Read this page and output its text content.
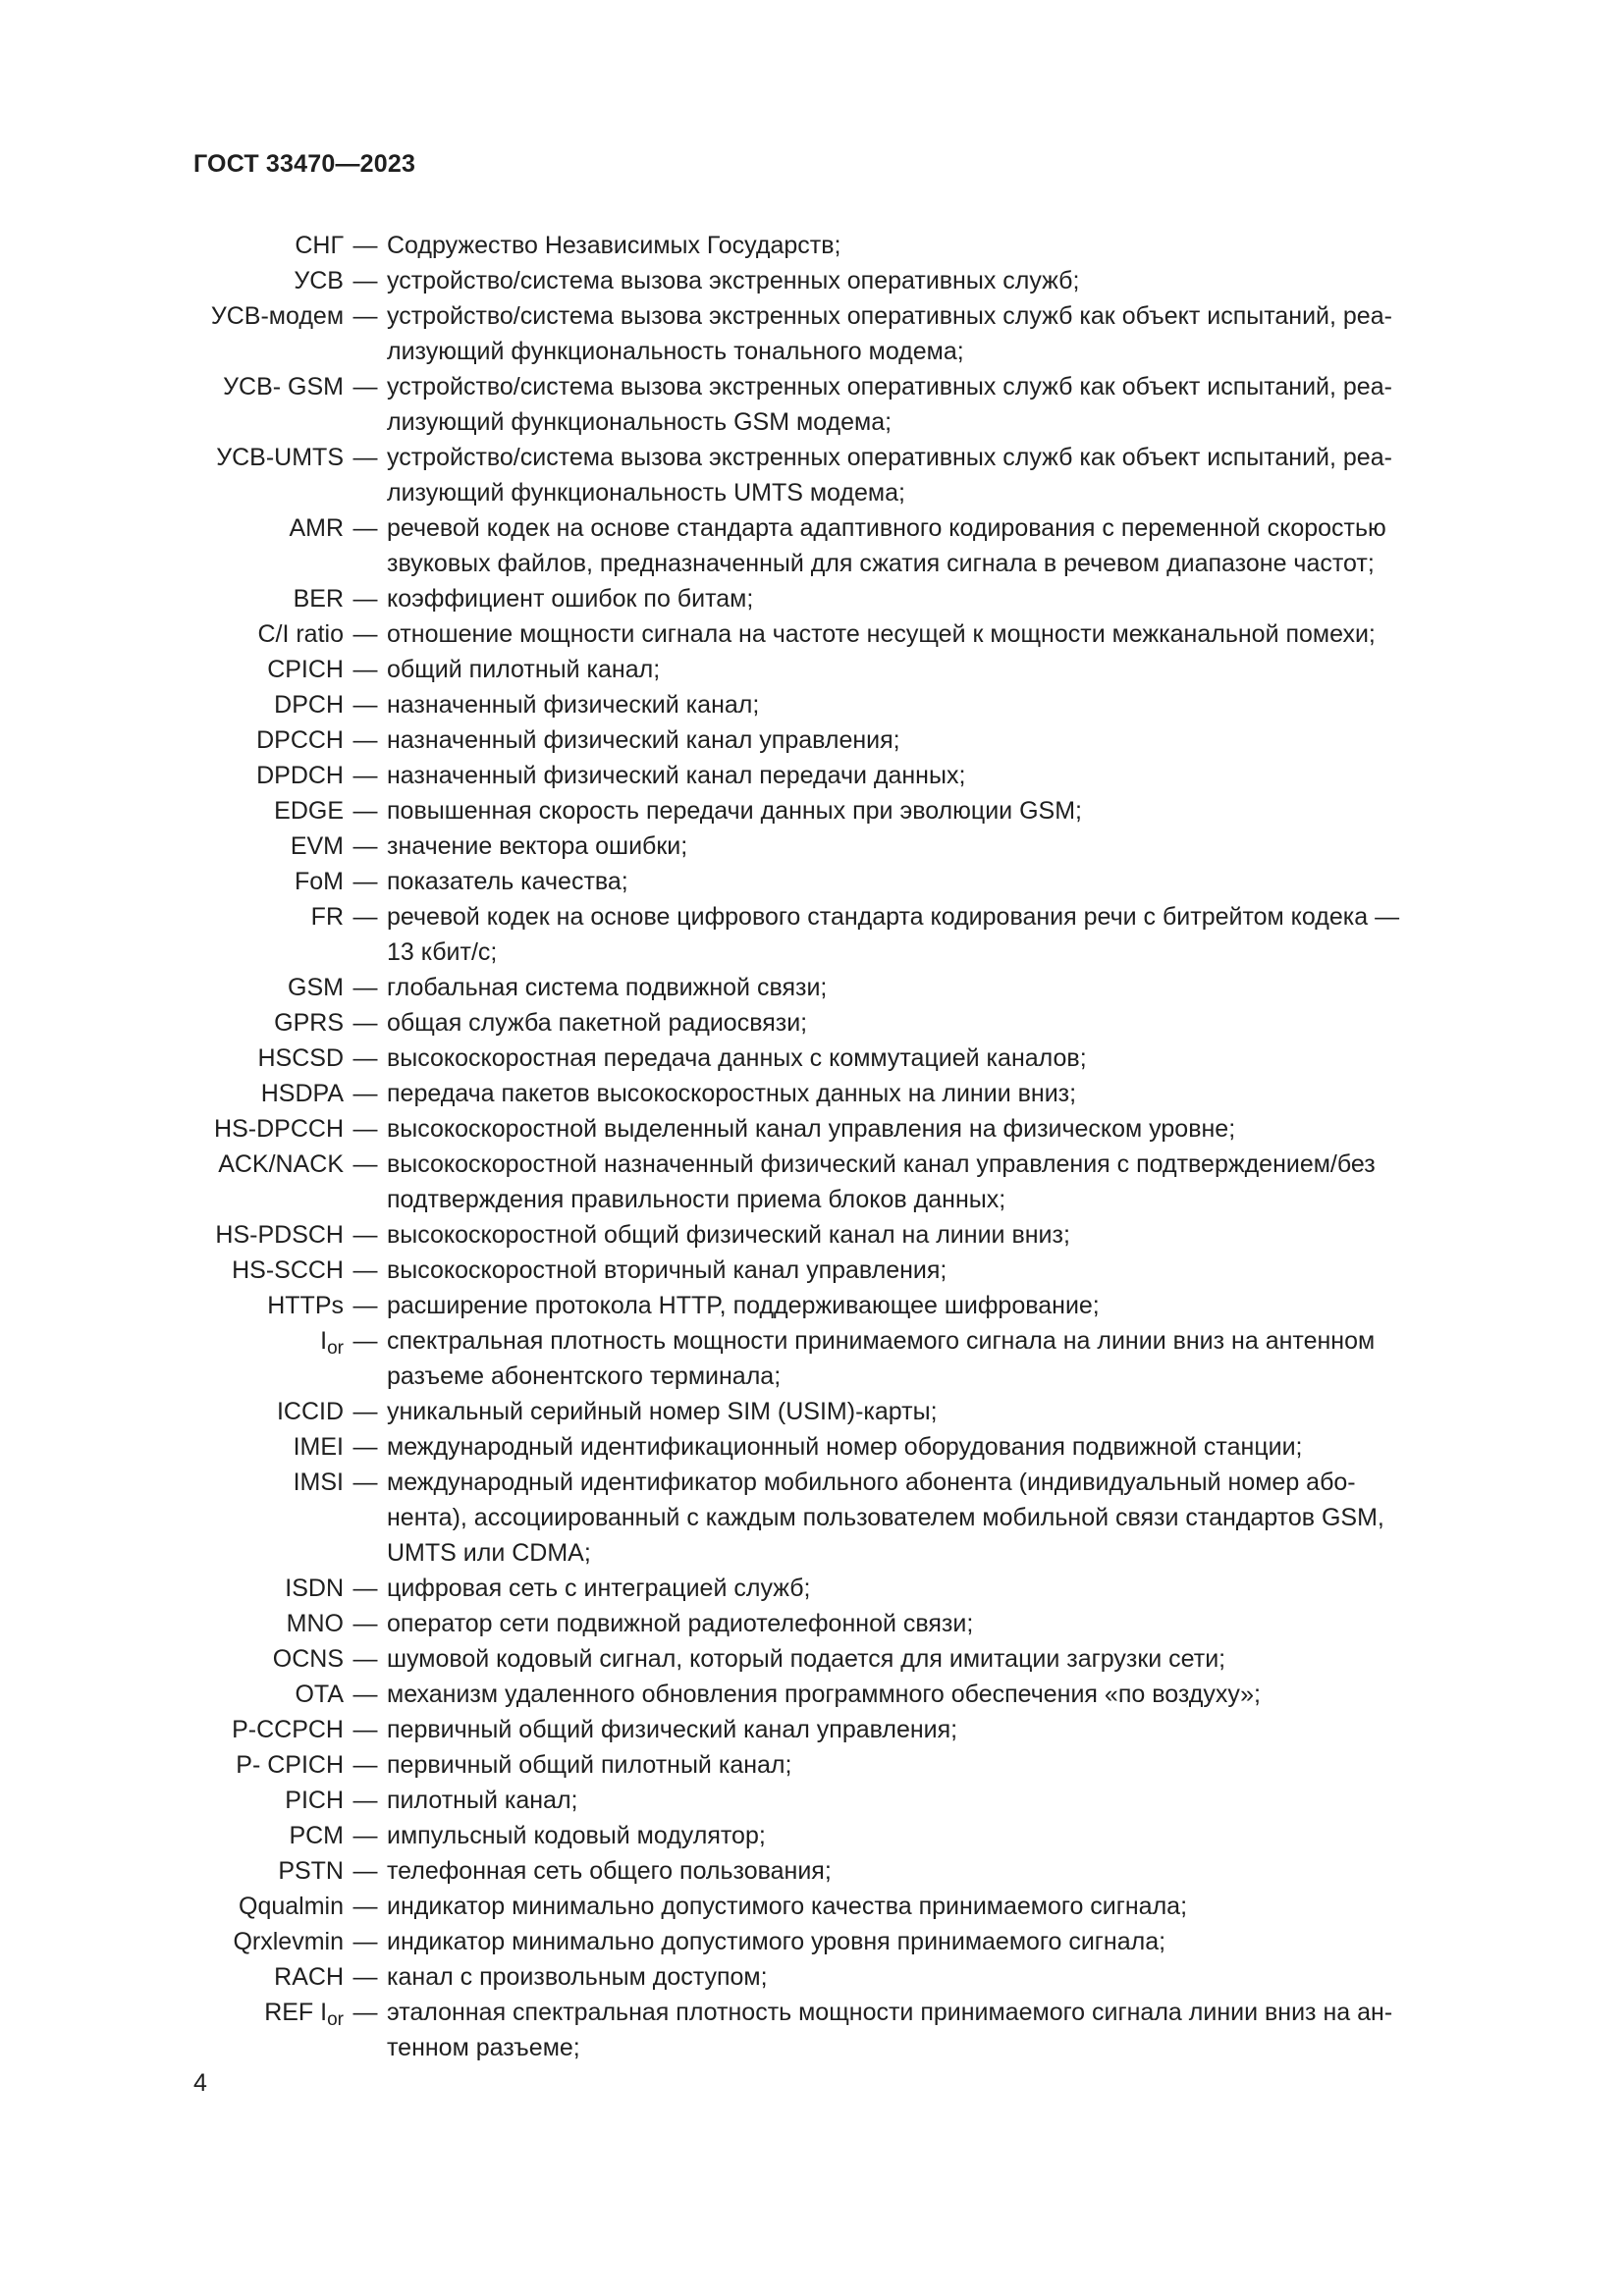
ГОСТ 33470—2023
СНГ — Содружество Независимых Государств;
УСВ — устройство/система вызова экстренных оперативных служб;
УСВ-модем — устройство/система вызова экстренных оперативных служб как объект испытаний, реа-
лизующий функциональность тонального модема;
УСВ- GSM — устройство/система вызова экстренных оперативных служб как объект испытаний, реа-
лизующий функциональность GSM модема;
УСВ-UMTS — устройство/система вызова экстренных оперативных служб как объект испытаний, реа-
лизующий функциональность UMTS модема;
AMR — речевой кодек на основе стандарта адаптивного кодирования с переменной скоростью
звуковых файлов, предназначенный для сжатия сигнала в речевом диапазоне частот;
BER — коэффициент ошибок по битам;
C/I ratio — отношение мощности сигнала на частоте несущей к мощности межканальной помехи;
CPICH — общий пилотный канал;
DPCH — назначенный физический канал;
DPCCH — назначенный физический канал управления;
DPDCH — назначенный физический канал передачи данных;
EDGE — повышенная скорость передачи данных при эволюции GSM;
EVM — значение вектора ошибки;
FoM — показатель качества;
FR — речевой кодек на основе цифрового стандарта кодирования речи с битрейтом кодека —
13 кбит/с;
GSM — глобальная система подвижной связи;
GPRS — общая служба пакетной радиосвязи;
HSCSD — высокоскоростная передача данных с коммутацией каналов;
HSDPA — передача пакетов высокоскоростных данных на линии вниз;
HS-DPCCH — высокоскоростной выделенный канал управления на физическом уровне;
ACK/NACK — высокоскоростной назначенный физический канал управления с подтверждением/без
подтверждения правильности приема блоков данных;
HS-PDSCH — высокоскоростной общий физический канал на линии вниз;
HS-SCCH — высокоскоростной вторичный канал управления;
HTTPs — расширение протокола HTTP, поддерживающее шифрование;
$I_{or}$ — спектральная плотность мощности принимаемого сигнала на линии вниз на антенном
разъеме абонентского терминала;
ICCID — уникальный серийный номер SIM (USIM)-карты;
IMEI — международный идентификационный номер оборудования подвижной станции;
IMSI — международный идентификатор мобильного абонента (индивидуальный номер або-
нента), ассоциированный с каждым пользователем мобильной связи стандартов GSM,
UMTS или CDMA;
ISDN — цифровая сеть с интеграцией служб;
MNO — оператор сети подвижной радиотелефонной связи;
OCNS — шумовой кодовый сигнал, который подается для имитации загрузки сети;
OTA — механизм удаленного обновления программного обеспечения «по воздуху»;
P-CCPCH — первичный общий физический канал управления;
P- CPICH — первичный общий пилотный канал;
PICH — пилотный канал;
PCM — импульсный кодовый модулятор;
PSTN — телефонная сеть общего пользования;
Qqualmin — индикатор минимально допустимого качества принимаемого сигнала;
Qrxlevmin — индикатор минимально допустимого уровня принимаемого сигнала;
RACH — канал с произвольным доступом;
REF $I_{or}$ — эталонная спектральная плотность мощности принимаемого сигнала линии вниз на ан-
тенном разъеме;

4
